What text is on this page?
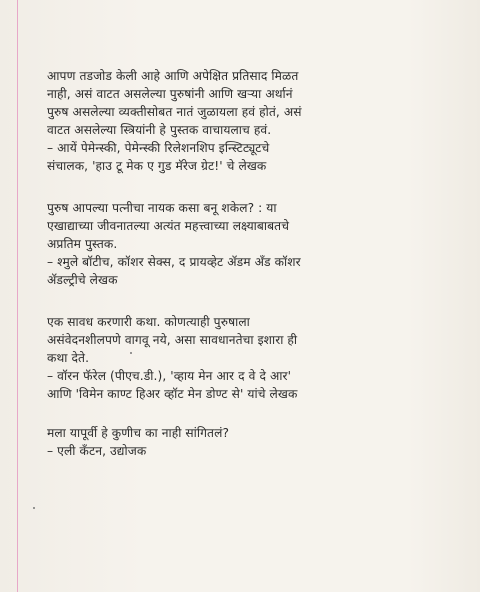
आपण तडजोड केली आहे आणि अपेक्षित प्रतिसाद मिळत
नाही, असं वाटत असलेल्या पुरुषांनी आणि खऱ्या अर्थानं
पुरुष असलेल्या व्यक्तीसोबत नातं जुळायला हवं होतं, असं
वाटत असलेल्या स्त्रियांनी हे पुस्तक वाचायलाच हवं.
– आयें पेमेन्स्की, पेमेन्स्की रिलेशनशिप इन्स्टिट्यूटचे
संचालक, 'हाउ टू मेक ए गुड मॅरेज ग्रेट!' चे लेखक
पुरुष आपल्या पत्नीचा नायक कसा बनू शकेल? : या
एखाद्याच्या जीवनातल्या अत्यंत महत्त्वाच्या लक्ष्याबाबतचे
अप्रतिम पुस्तक.
– श्मुले बॉटीच, कॉशर सेक्स, द प्रायव्हेट ॲडम ॲंड कॉशर
ॲडल्ट्रीचे लेखक
एक सावध करणारी कथा. कोणत्याही पुरुषाला
असंवेदनशीलपणे वागवू नये, असा सावधानतेचा इशारा ही
कथा देते.
– वॉरन फॅरेल (पीएच.डी.), 'व्हाय मेन आर द वे दे आर'
आणि 'विमेन काण्ट हिअर व्हॉट मेन डोण्ट से' यांचे लेखक
मला यापूर्वी हे कुणीच का नाही सांगितलं?
– एली कॅंटन, उद्योजक
